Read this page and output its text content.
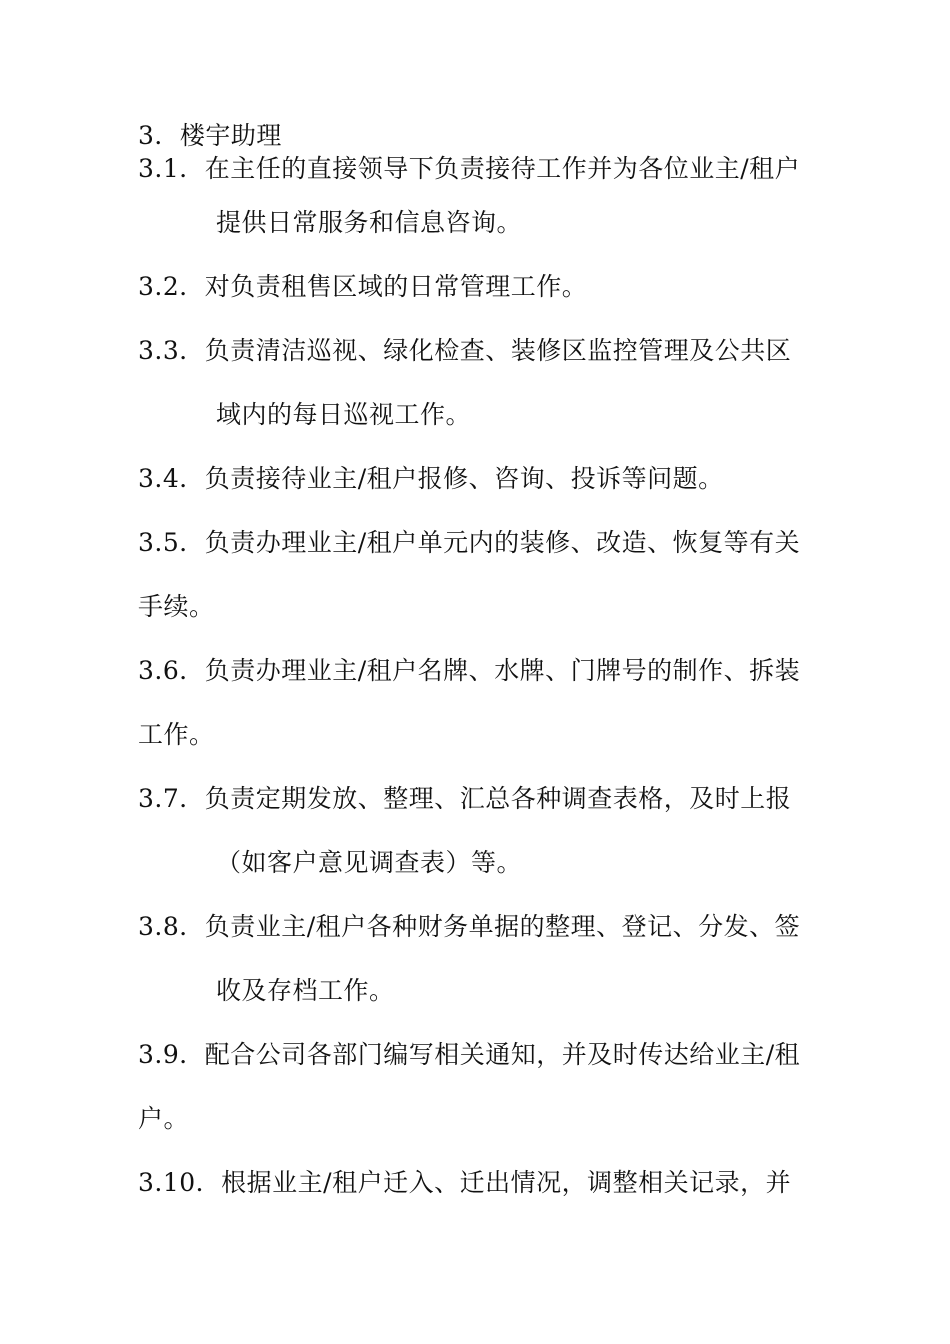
3．楼宇助理
3.1．在主任的直接领导下负责接待工作并为各位业主/租户
提供日常服务和信息咨询。
3.2．对负责租售区域的日常管理工作。
3.3．负责清洁巡视、绿化检查、装修区监控管理及公共区
域内的每日巡视工作。
3.4．负责接待业主/租户报修、咨询、投诉等问题。
3.5．负责办理业主/租户单元内的装修、改造、恢复等有关
手续。
3.6．负责办理业主/租户名牌、水牌、门牌号的制作、拆装
工作。
3.7．负责定期发放、整理、汇总各种调查表格，及时上报
（如客户意见调查表）等。
3.8．负责业主/租户各种财务单据的整理、登记、分发、签
收及存档工作。
3.9．配合公司各部门编写相关通知，并及时传达给业主/租
户。
3.10．根据业主/租户迁入、迁出情况，调整相关记录，并
